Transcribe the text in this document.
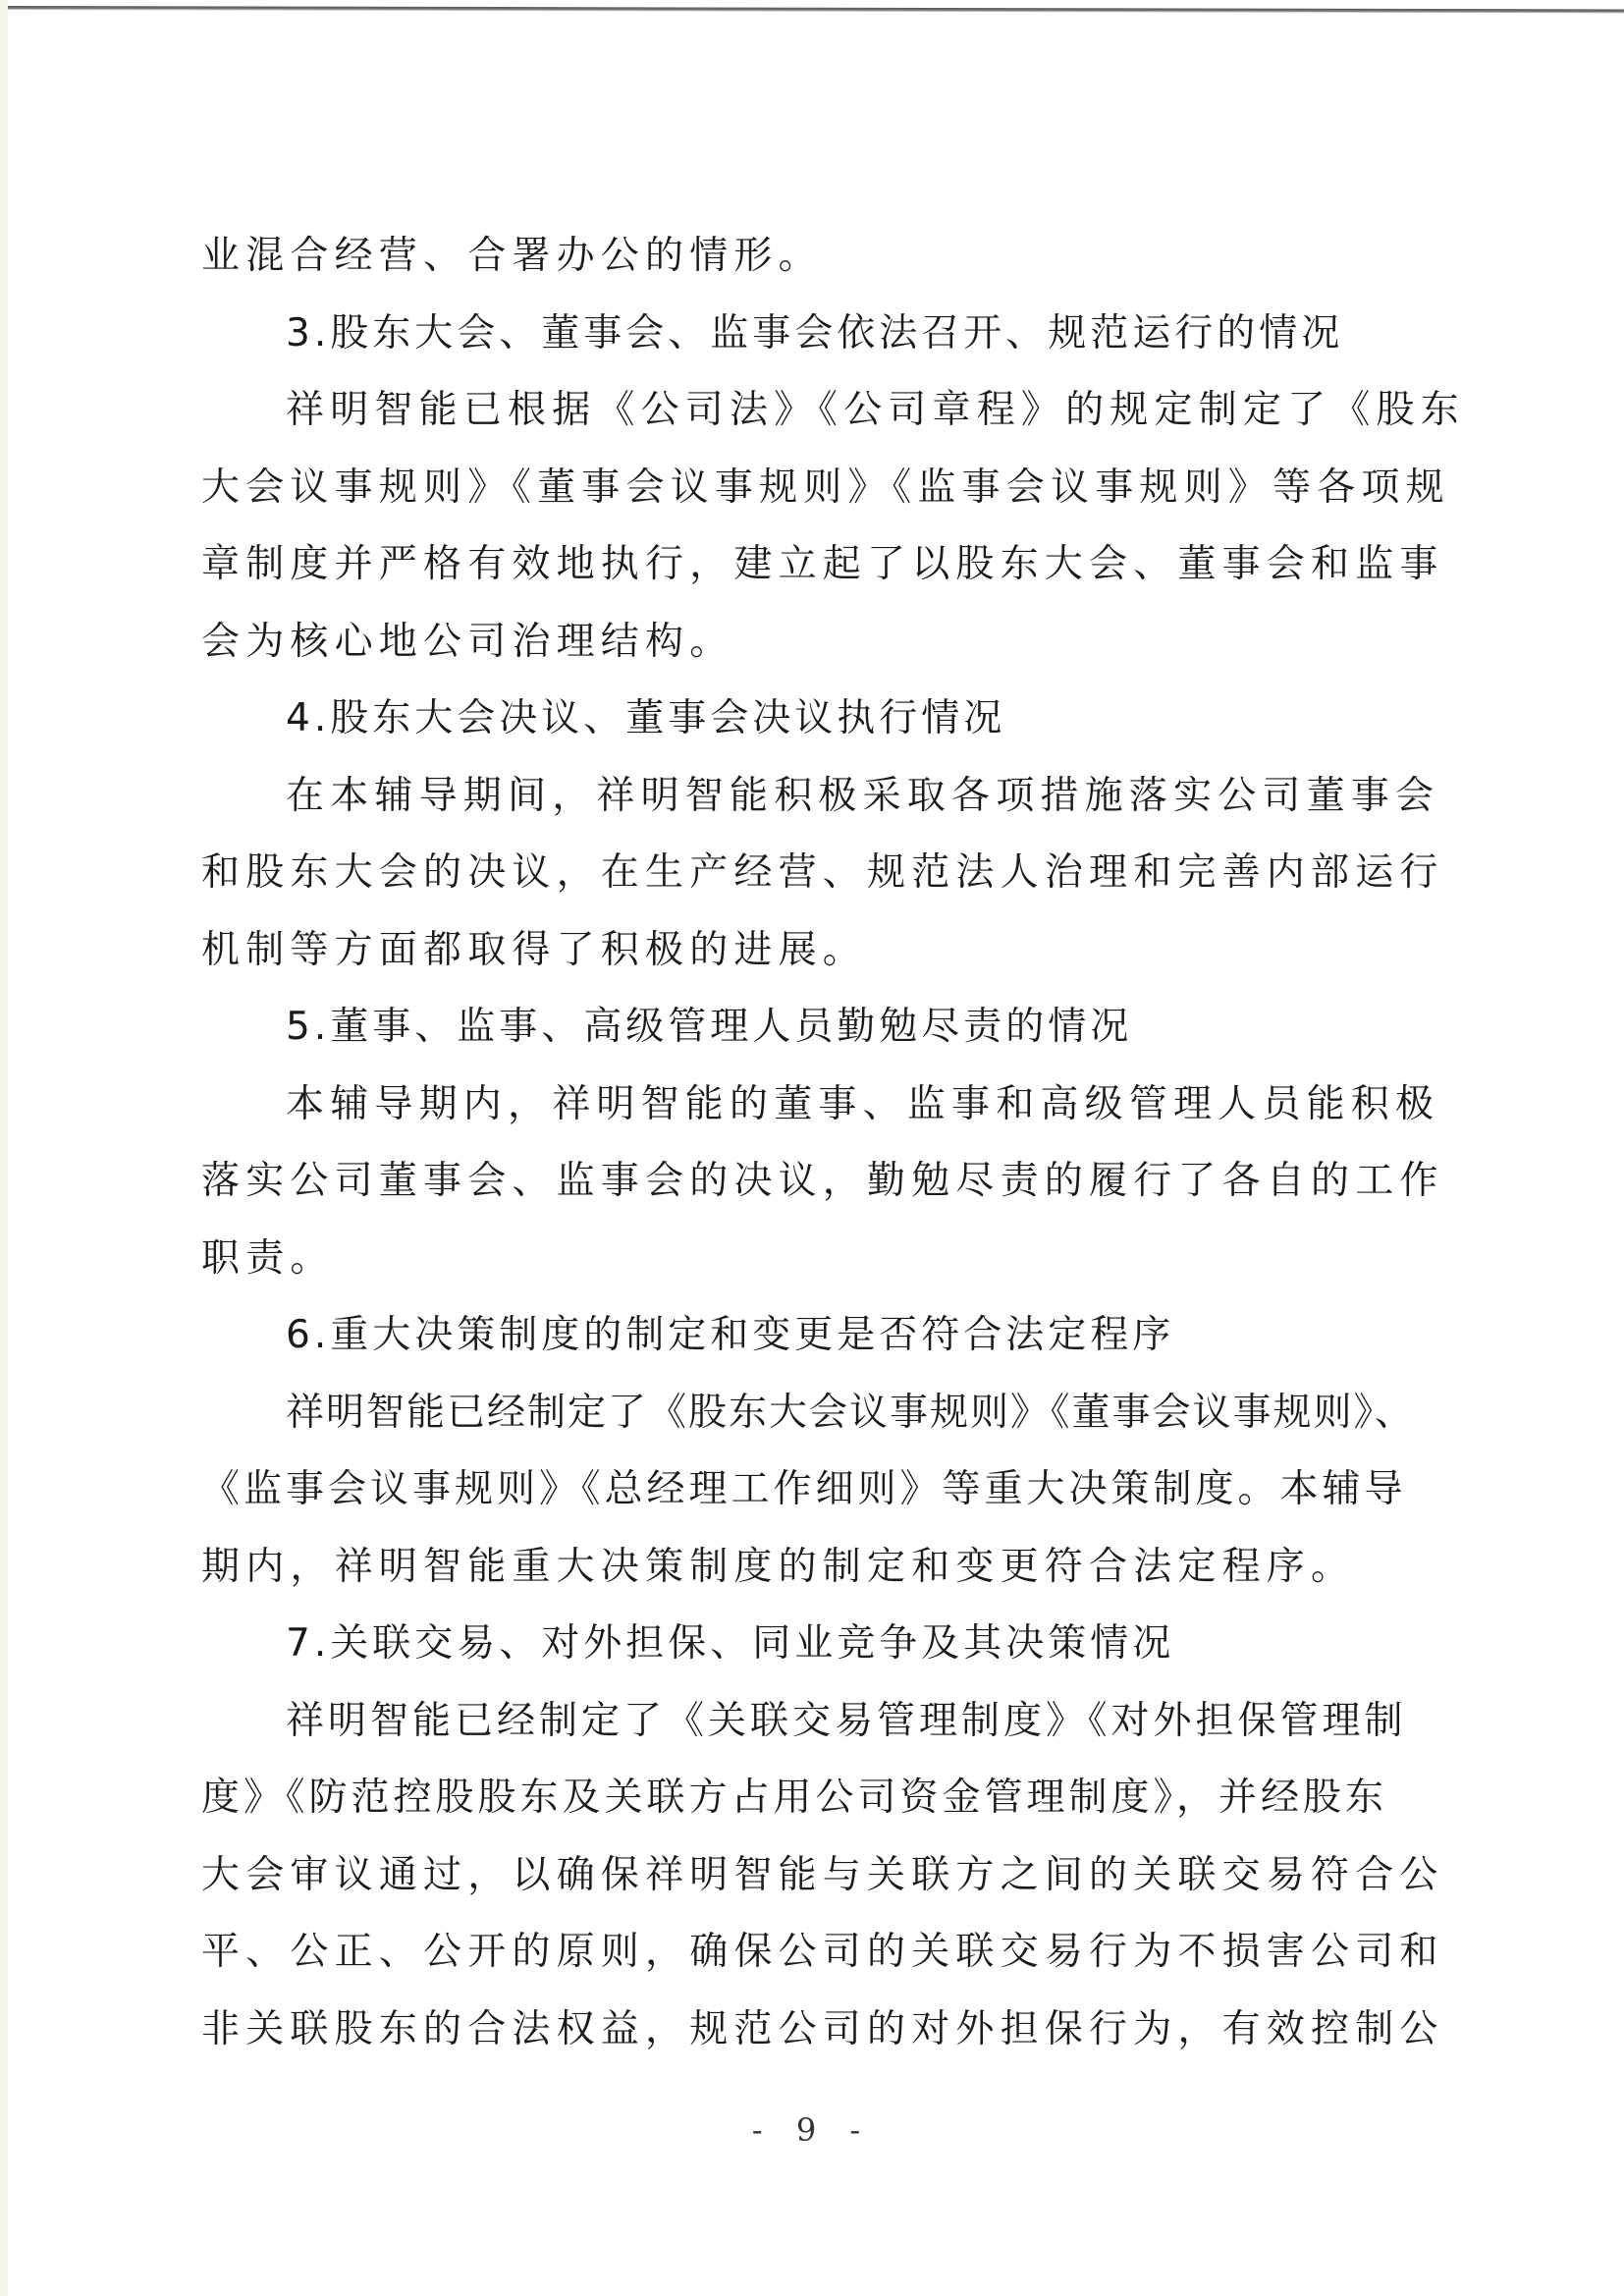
业混合经营、合署办公的情形。
3.股东大会、董事会、监事会依法召开、规范运行的情况
祥明智能已根据《公司法》《公司章程》的规定制定了《股东
大会议事规则》《董事会议事规则》《监事会议事规则》等各项规
章制度并严格有效地执行，建立起了以股东大会、董事会和监事
会为核心地公司治理结构。
4.股东大会决议、董事会决议执行情况
在本辅导期间，祥明智能积极采取各项措施落实公司董事会
和股东大会的决议，在生产经营、规范法人治理和完善内部运行
机制等方面都取得了积极的进展。
5.董事、监事、高级管理人员勤勉尽责的情况
本辅导期内，祥明智能的董事、监事和高级管理人员能积极
落实公司董事会、监事会的决议，勤勉尽责的履行了各自的工作
职责。
6.重大决策制度的制定和变更是否符合法定程序
祥明智能已经制定了《股东大会议事规则》《董事会议事规则》、
《监事会议事规则》《总经理工作细则》等重大决策制度。本辅导
期内，祥明智能重大决策制度的制定和变更符合法定程序。
7.关联交易、对外担保、同业竞争及其决策情况
祥明智能已经制定了《关联交易管理制度》《对外担保管理制
度》《防范控股股东及关联方占用公司资金管理制度》，并经股东
大会审议通过，以确保祥明智能与关联方之间的关联交易符合公
平、公正、公开的原则，确保公司的关联交易行为不损害公司和
非关联股东的合法权益，规范公司的对外担保行为，有效控制公
- 9 -
